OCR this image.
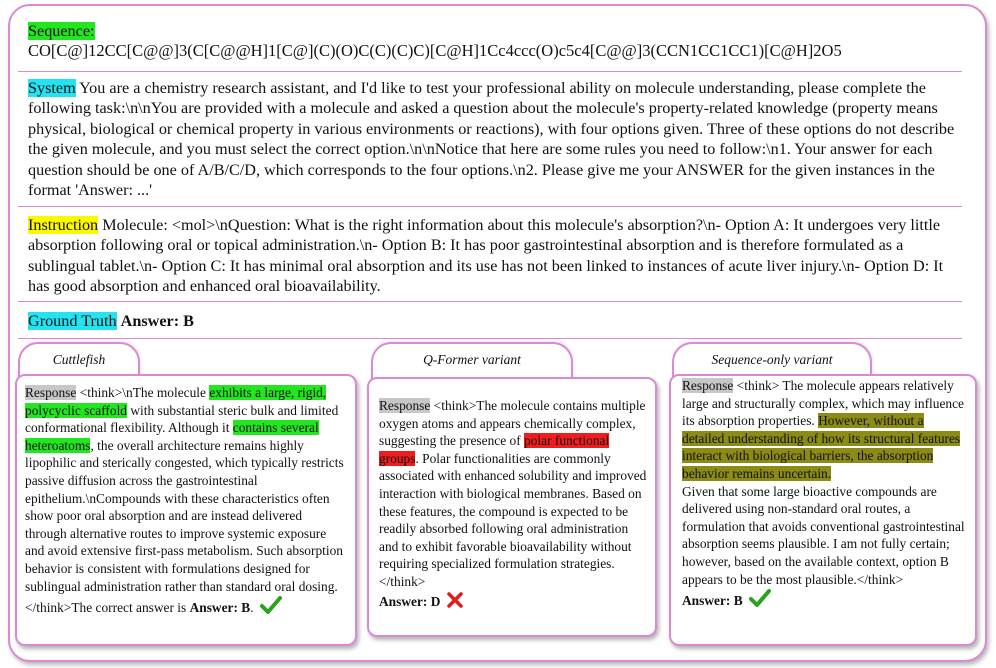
Sequence:
CO[C@]12CC[C@@]3(C[C@@H]1[C@](C)(O)C(C)(C)C)[C@H]1Cc4ccc(O)c5c4[C@@]3(CCN1CC1CC1)[C@H]2O5
System You are a chemistry research assistant, and I'd like to test your professional ability on molecule understanding, please complete the following task:\n\nYou are provided with a molecule and asked a question about the molecule's property-related knowledge (property means physical, biological or chemical property in various environments or reactions), with four options given. Three of these options do not describe the given molecule, and you must select the correct option.\n\nNotice that here are some rules you need to follow:\n1. Your answer for each question should be one of A/B/C/D, which corresponds to the four options.\n2. Please give me your ANSWER for the given instances in the format 'Answer: ...'
Instruction Molecule: <mol>\nQuestion: What is the right information about this molecule's absorption?\n- Option A: It undergoes very little absorption following oral or topical administration.\n- Option B: It has poor gastrointestinal absorption and is therefore formulated as a sublingual tablet.\n- Option C: It has minimal oral absorption and its use has not been linked to instances of acute liver injury.\n- Option D: It has good absorption and enhanced oral bioavailability.
Ground Truth Answer: B
Cuttlefish
Response <think>\nThe molecule exhibits a large, rigid, polycyclic scaffold with substantial steric bulk and limited conformational flexibility. Although it contains several heteroatoms, the overall architecture remains highly lipophilic and sterically congested, which typically restricts passive diffusion across the gastrointestinal epithelium.\nCompounds with these characteristics often show poor oral absorption and are instead delivered through alternative routes to improve systemic exposure and avoid extensive first-pass metabolism. Such absorption behavior is consistent with formulations designed for sublingual administration rather than standard oral dosing. </think>The correct answer is Answer: B.
Q-Former variant
Response <think>The molecule contains multiple oxygen atoms and appears chemically complex, suggesting the presence of polar functional groups. Polar functionalities are commonly associated with enhanced solubility and improved interaction with biological membranes. Based on these features, the compound is expected to be readily absorbed following oral administration and to exhibit favorable bioavailability without requiring specialized formulation strategies.</think>
Answer: D
Sequence-only variant
Response <think> The molecule appears relatively large and structurally complex, which may influence its absorption properties. However, without a detailed understanding of how its structural features interact with biological barriers, the absorption behavior remains uncertain.
Given that some large bioactive compounds are delivered using non-standard oral routes, a formulation that avoids conventional gastrointestinal absorption seems plausible. I am not fully certain; however, based on the available context, option B appears to be the most plausible.</think>
Answer: B
